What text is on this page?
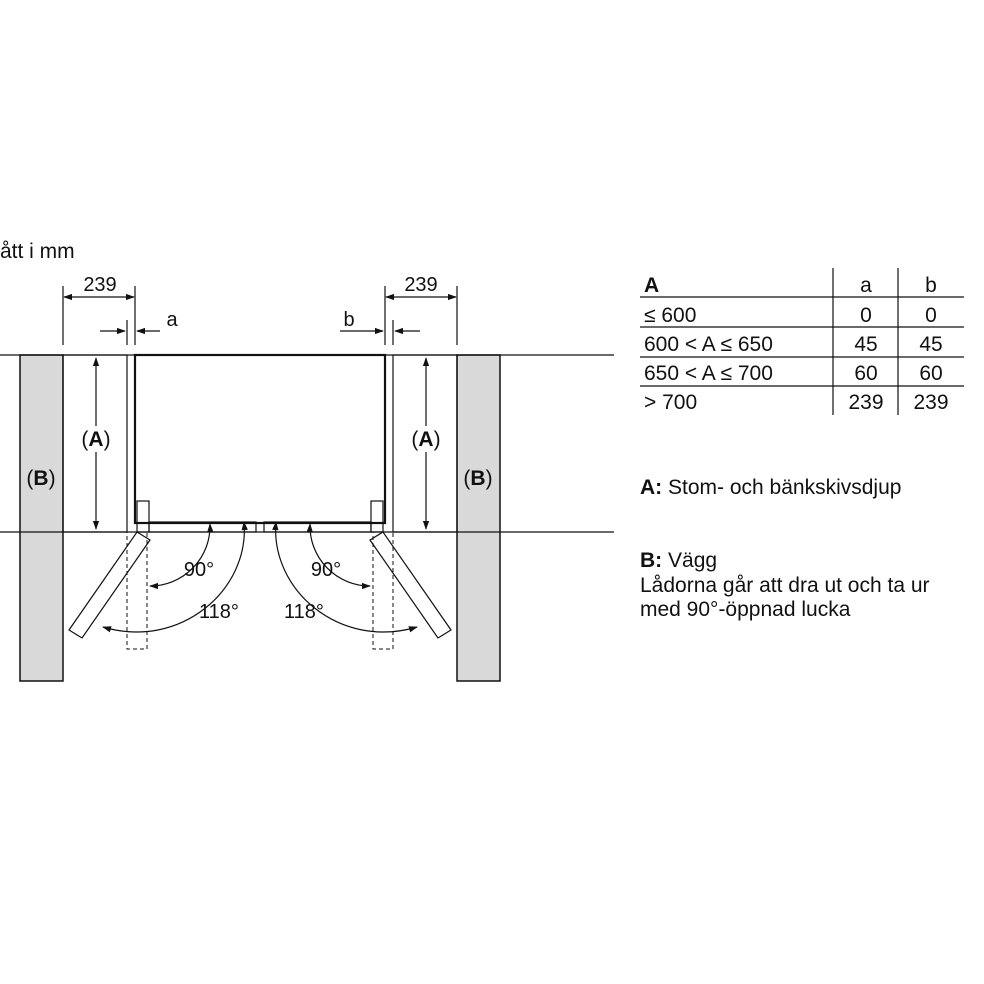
ått i mm
90°
118°
90°
118°
(A)	(A)
(B)	(B)
239	239
a	b
A	a	b
≤ 600	0	0
600 < A ≤ 650	45 45
650 < A ≤ 700	60 60
> 700	239 239
A: Stom- och bänkskivsdjup
B: Vägg
Lådorna går att dra ut och ta ur
med 90°-öppnad lucka
